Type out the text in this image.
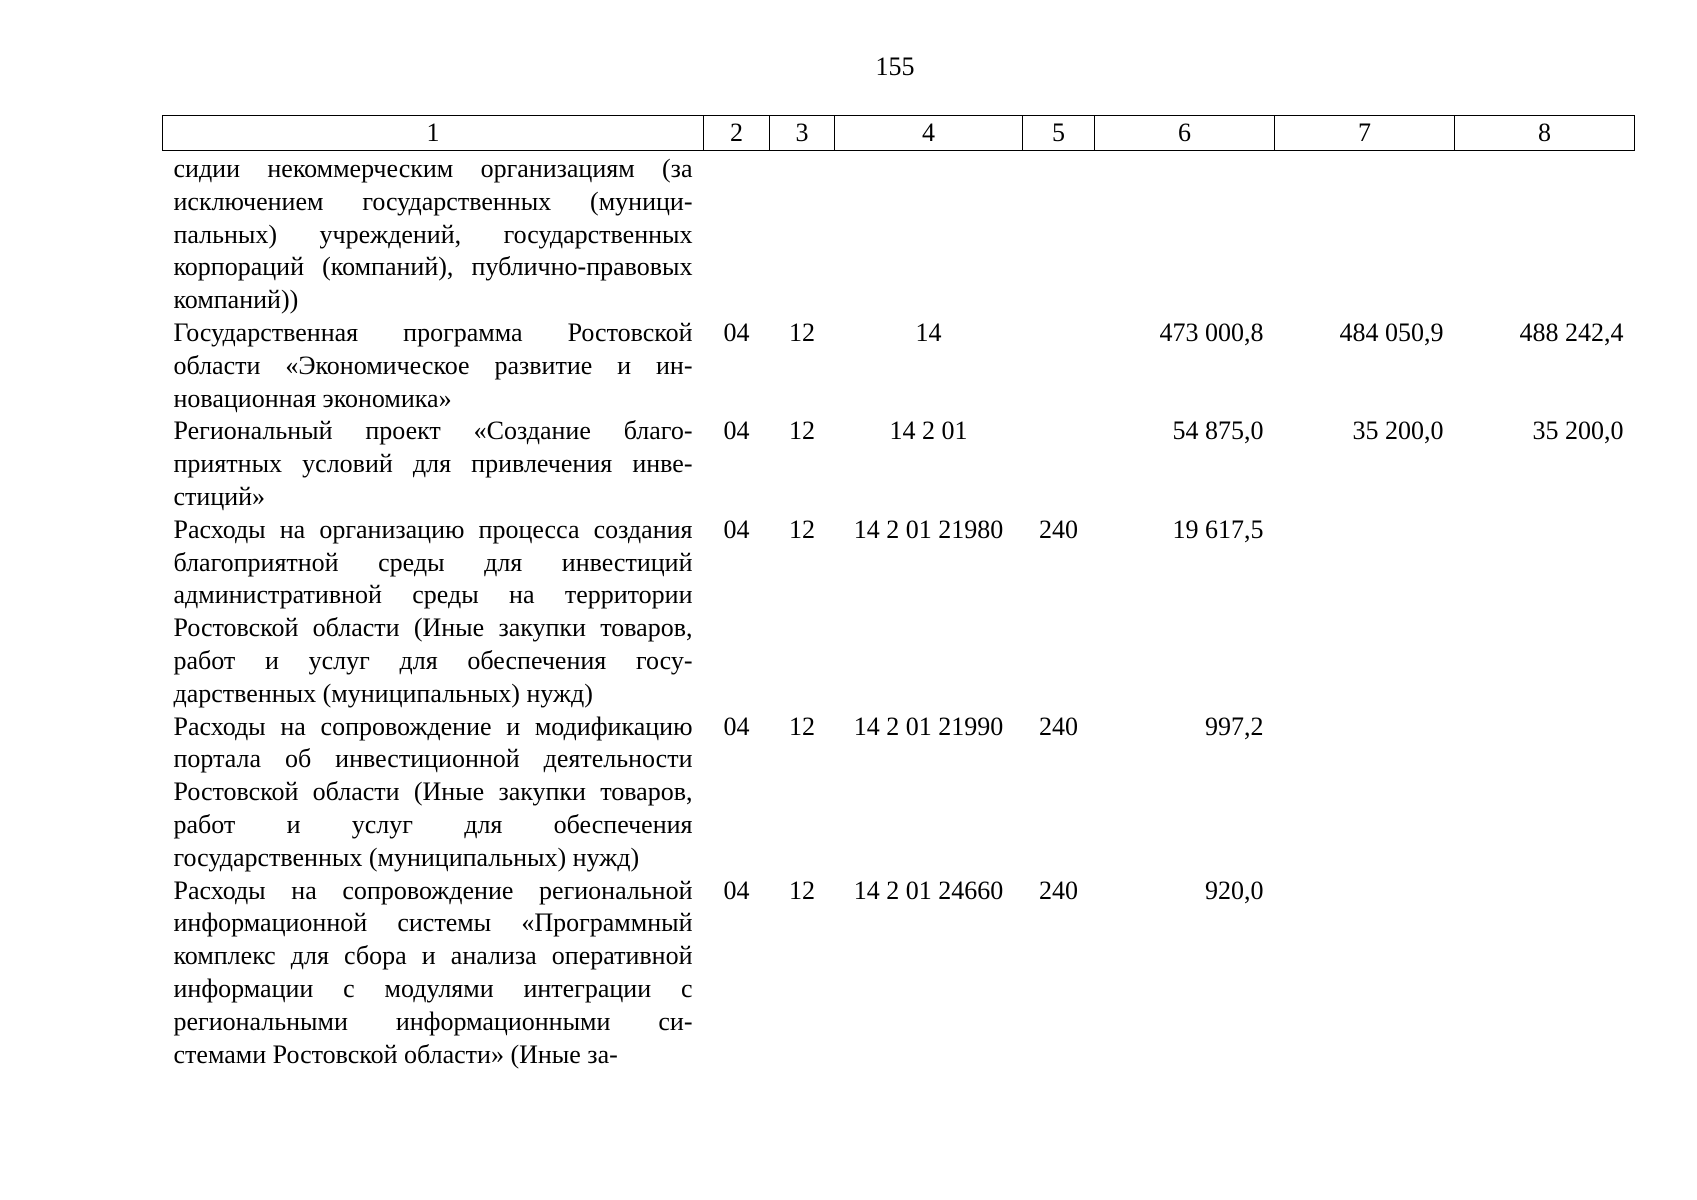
155
1	2	3	4	5	6	7	8
сидии некоммерческим организациям (за исключением государственных (муниципальных) учреждений, государственных корпораций (компаний), публично-правовых компаний))							
Государственная программа Ростовской области «Экономическое развитие и инновационная экономика»	04	12	14		473 000,8	484 050,9	488 242,4
Региональный проект «Создание благоприятных условий для привлечения инвестиций»	04	12	14 2 01		54 875,0	35 200,0	35 200,0
Расходы на организацию процесса создания благоприятной среды для инвестиций административной среды на территории Ростовской области (Иные закупки товаров, работ и услуг для обеспечения государственных (муниципальных) нужд)	04	12	14 2 01 21980	240	19 617,5		
Расходы на сопровождение и модификацию портала об инвестиционной деятельности Ростовской области (Иные закупки товаров, работ и услуг для обеспечения государственных (муниципальных) нужд)	04	12	14 2 01 21990	240	997,2		
Расходы на сопровождение региональной информационной системы «Программный комплекс для сбора и анализа оперативной информации с модулями интеграции с региональными информационными системами Ростовской области» (Иные за-	04	12	14 2 01 24660	240	920,0		
